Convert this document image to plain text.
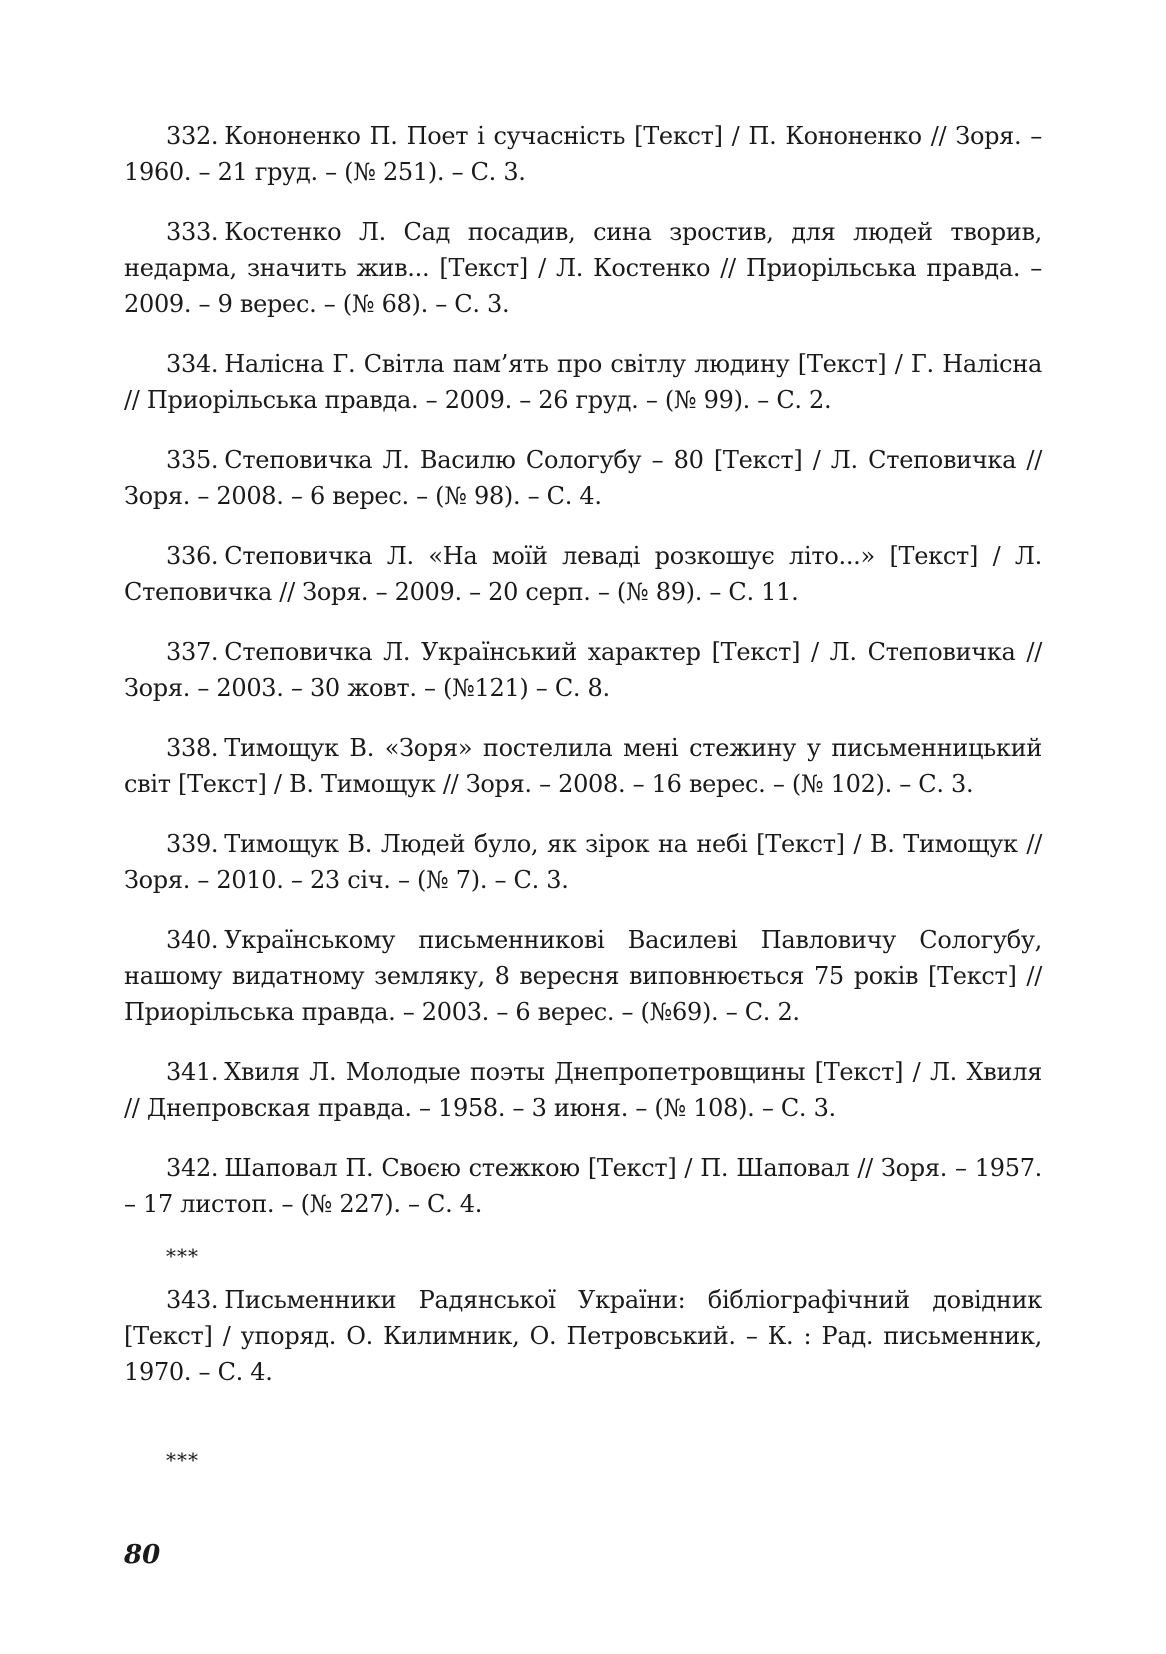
332. Кононенко П. Поет і сучасність [Текст] / П. Кононенко // Зоря. – 1960. – 21 груд. – (№ 251). – С. 3.

333. Костенко Л. Сад посадив, сина зростив, для людей творив, недарма, значить жив... [Текст] / Л. Костенко // Приорільська правда. – 2009. – 9 верес. – (№ 68). – С. 3.

334. Налісна Г. Світла пам’ять про світлу людину [Текст] / Г. Налісна // Приорільська правда. – 2009. – 26 груд. – (№ 99). – С. 2.

335. Степовичка Л. Василю Сологубу – 80 [Текст] / Л. Степовичка // Зоря. – 2008. – 6 верес. – (№ 98). – С. 4.

336. Степовичка Л. «На моїй леваді розкошує літо...» [Текст] / Л. Степовичка // Зоря. – 2009. – 20 серп. – (№ 89). – С. 11.

337. Степовичка Л. Український характер [Текст] / Л. Степовичка // Зоря. – 2003. – 30 жовт. – (№121) – С. 8.

338. Тимощук В. «Зоря» постелила мені стежину у письменницький світ [Текст] / В. Тимощук // Зоря. – 2008. – 16 верес. – (№ 102). – С. 3.

339. Тимощук В. Людей було, як зірок на небі [Текст] / В. Тимощук // Зоря. – 2010. – 23 січ. – (№ 7). – С. 3.

340. Українському письменникові Василеві Павловичу Сологубу, нашому видатному земляку, 8 вересня виповнюється 75 років [Текст] // Приорільська правда. – 2003. – 6 верес. – (№69). – С. 2.

341. Хвиля Л. Молодые поэты Днепропетровщины [Текст] / Л. Хвиля // Днепровская правда. – 1958. – 3 июня. – (№ 108). – С. 3.

342. Шаповал П. Своєю стежкою [Текст] / П. Шаповал // Зоря. – 1957. – 17 листоп. – (№ 227). – С. 4.

***

343. Письменники Радянської України: бібліографічний довідник [Текст] / упоряд. О. Килимник, О. Петровський. – К. : Рад. письменник, 1970. – С. 4.

***
80
